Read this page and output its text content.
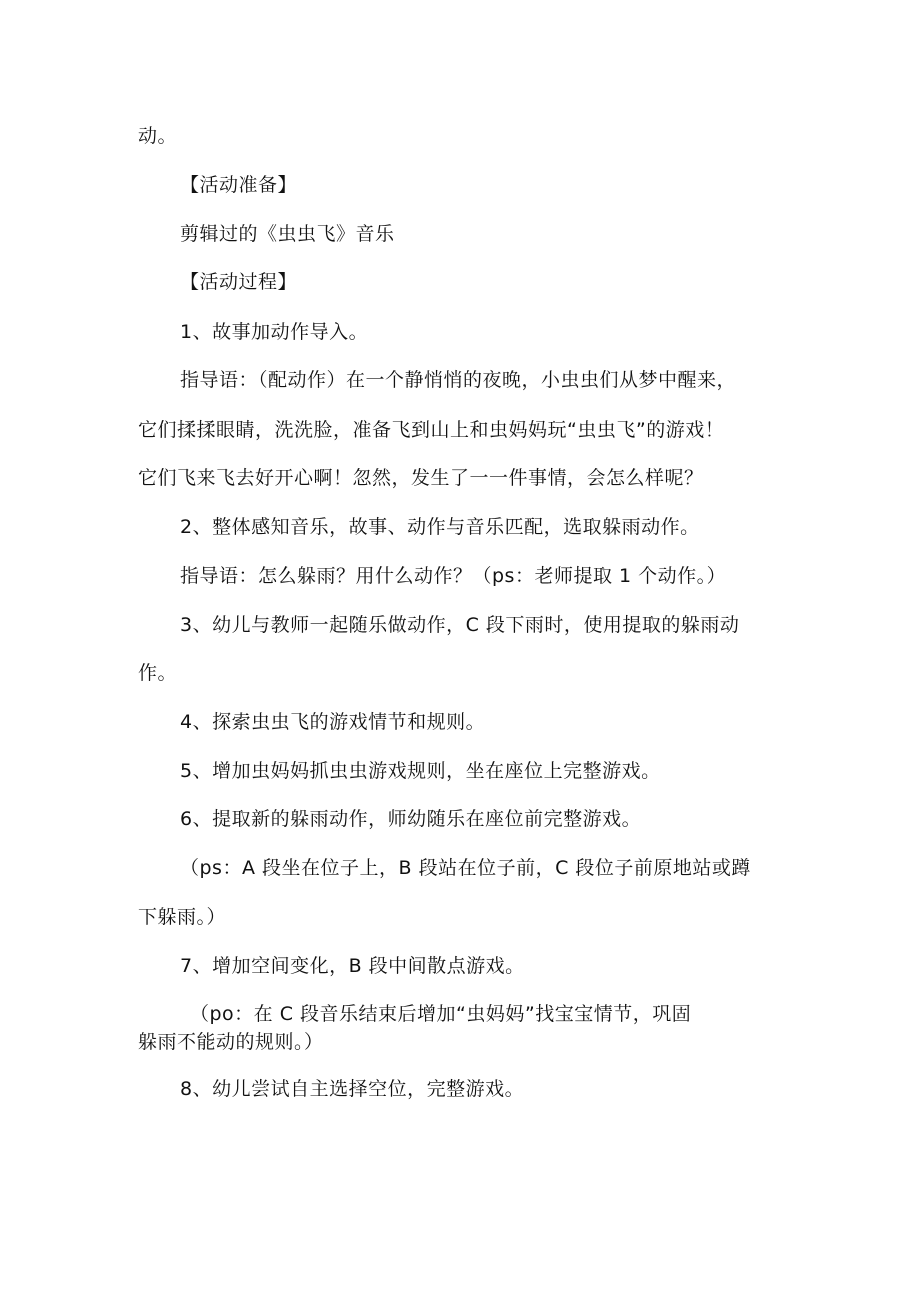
动。
【活动准备】
剪辑过的《虫虫飞》音乐
【活动过程】
1、故事加动作导入。
指导语：（配动作）在一个静悄悄的夜晚，小虫虫们从梦中醒来，
它们揉揉眼睛，洗洗脸，准备飞到山上和虫妈妈玩“虫虫飞”的游戏！
它们飞来飞去好开心啊！忽然，发生了一一件事情，会怎么样呢？
2、整体感知音乐，故事、动作与音乐匹配，选取躲雨动作。
指导语：怎么躲雨？用什么动作？（ps：老师提取 1 个动作。）
3、幼儿与教师一起随乐做动作，C 段下雨时，使用提取的躲雨动
作。
4、探索虫虫飞的游戏情节和规则。
5、增加虫妈妈抓虫虫游戏规则，坐在座位上完整游戏。
6、提取新的躲雨动作，师幼随乐在座位前完整游戏。
（ps：A 段坐在位子上，B 段站在位子前，C 段位子前原地站或蹲
下躲雨。）
7、增加空间变化，B 段中间散点游戏。
（po：在 C 段音乐结束后增加“虫妈妈”找宝宝情节，巩固
躲雨不能动的规则。）
8、幼儿尝试自主选择空位，完整游戏。
